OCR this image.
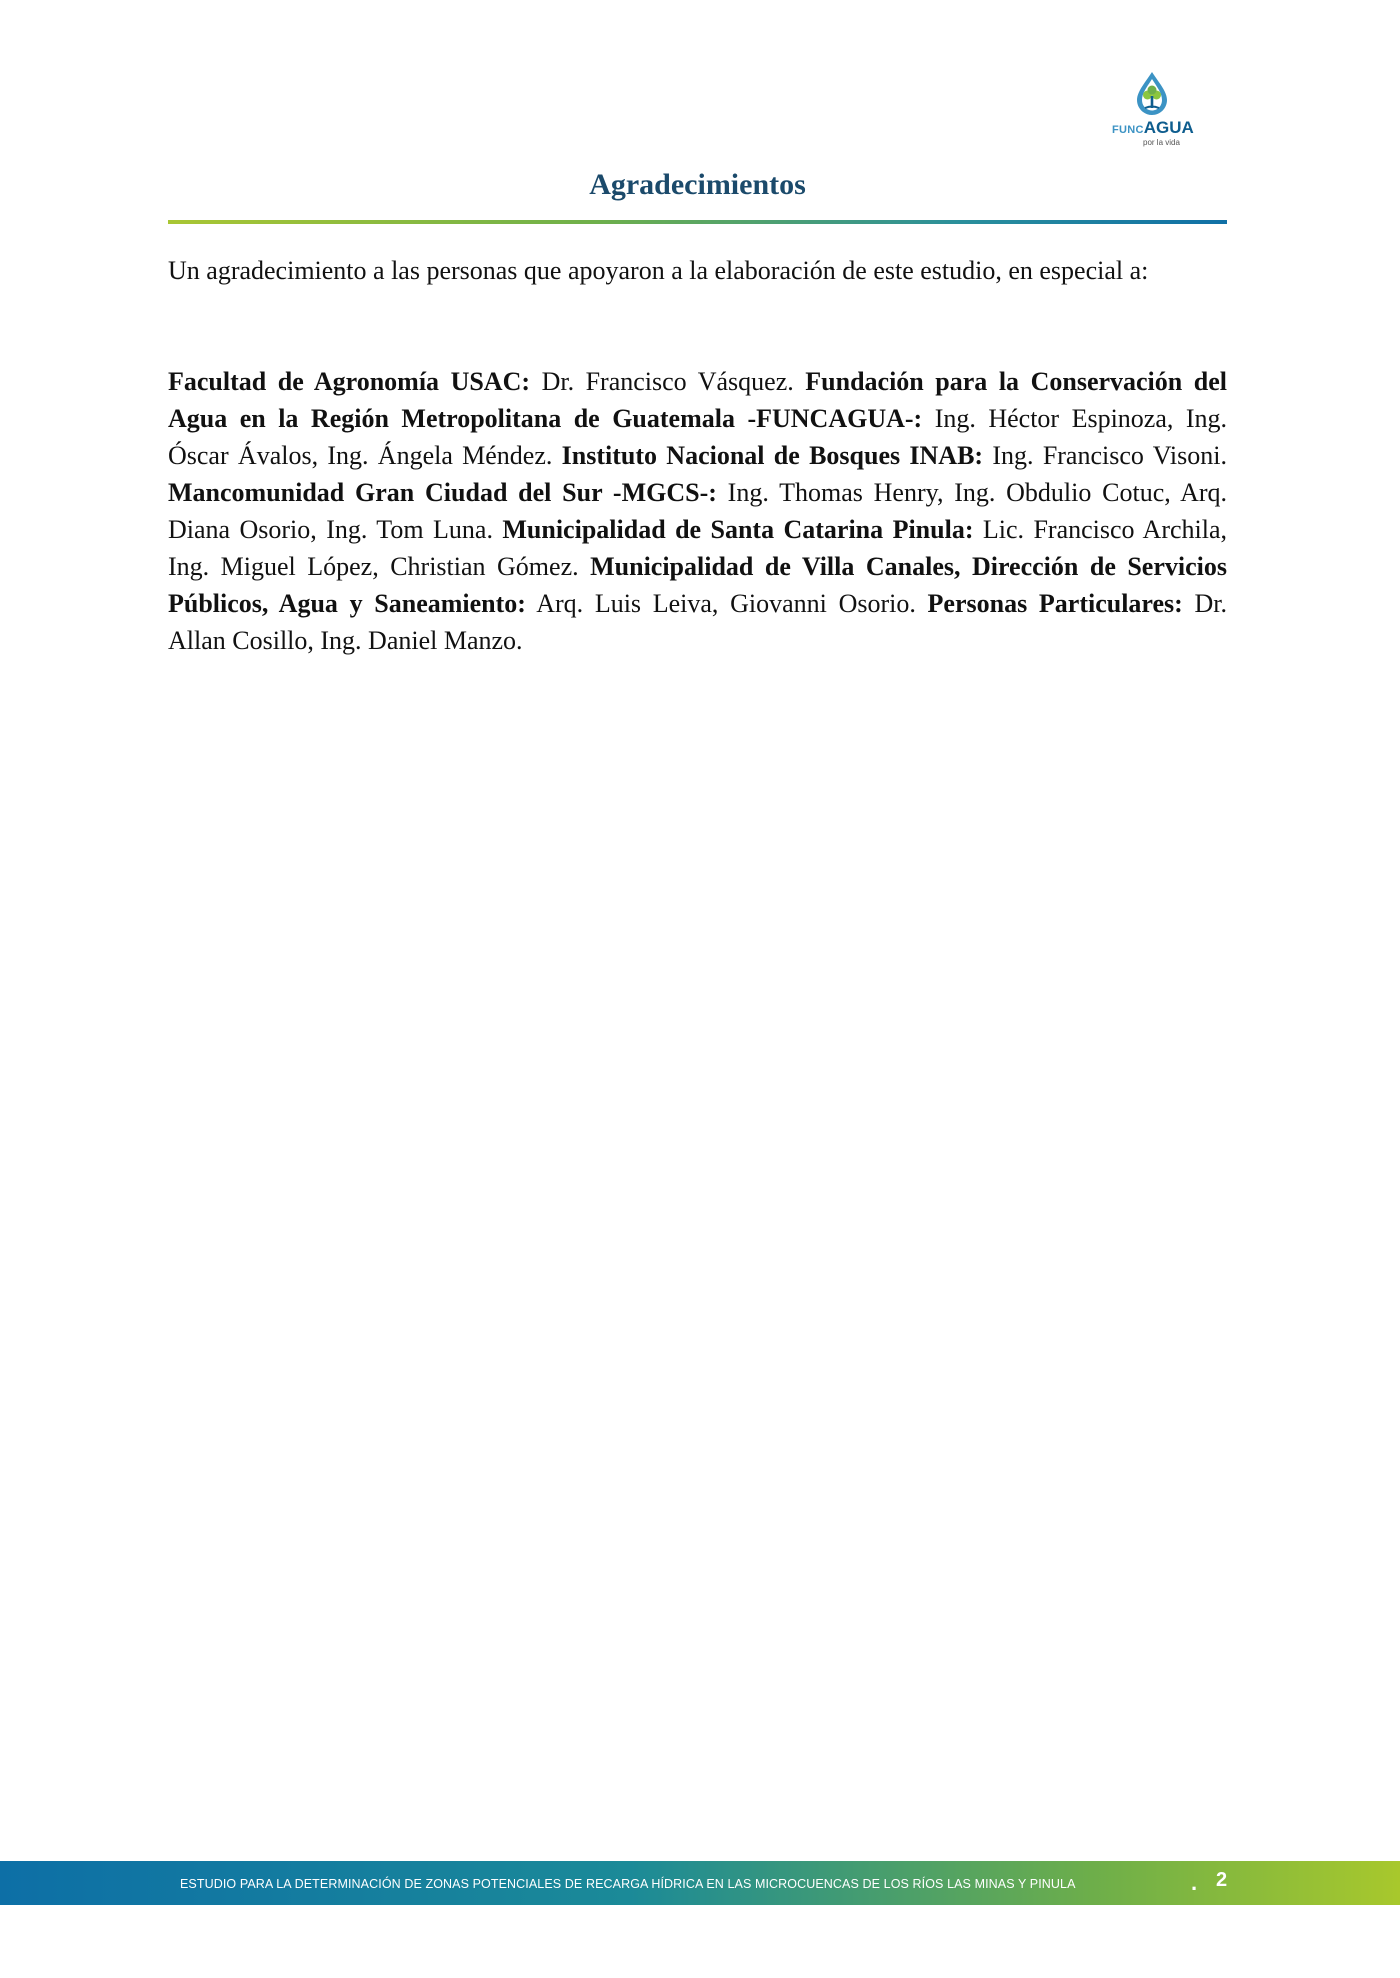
FUNCAGUA
por la vida
Agradecimientos

Un agradecimiento a las personas que apoyaron a la elaboración de este estudio, en especial a:

Facultad de Agronomía USAC: Dr. Francisco Vásquez. Fundación para la Conservación del Agua en la Región Metropolitana de Guatemala -FUNCAGUA-: Ing. Héctor Espinoza, Ing. Óscar Ávalos, Ing. Ángela Méndez. Instituto Nacional de Bosques INAB: Ing. Francisco Visoni. Mancomunidad Gran Ciudad del Sur -MGCS-: Ing. Thomas Henry, Ing. Obdulio Cotuc, Arq. Diana Osorio, Ing. Tom Luna. Municipalidad de Santa Catarina Pinula: Lic. Francisco Archila, Ing. Miguel López, Christian Gómez. Municipalidad de Villa Canales, Dirección de Servicios Públicos, Agua y Saneamiento: Arq. Luis Leiva, Giovanni Osorio. Personas Particulares: Dr. Allan Cosillo, Ing. Daniel Manzo.

ESTUDIO PARA LA DETERMINACIÓN DE ZONAS POTENCIALES DE RECARGA HÍDRICA EN LAS MICROCUENCAS DE LOS RÍOS LAS MINAS Y PINULA	. 2
